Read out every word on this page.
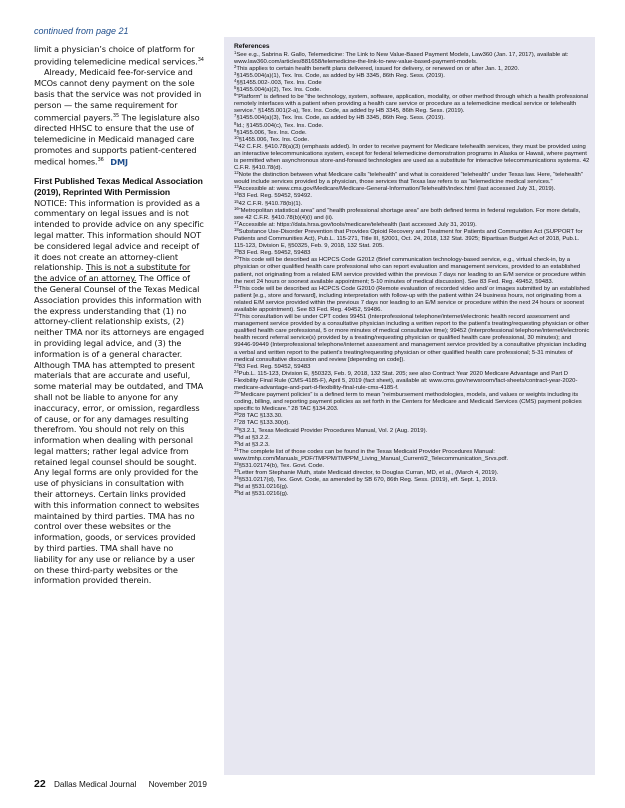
continued from page 21

limit a physician’s choice of platform for providing telemedicine medical services.$^{34}$

Already, Medicaid fee-for-service and MCOs cannot deny payment on the sole basis that the service was not provided in person — the same requirement for commercial payers.$^{35}$ The legislature also directed HHSC to ensure that the use of telemedicine in Medicaid managed care promotes and supports patient-centered medical homes.$^{36}$ DMJ

First Published Texas Medical Association (2019), Reprinted With Permission

NOTICE: This information is provided as a commentary on legal issues and is not intended to provide advice on any specific legal matter. This information should NOT be considered legal advice and receipt of it does not create an attorney-client relationship. This is not a substitute for the advice of an attorney. The Office of the General Counsel of the Texas Medical Association provides this information with the express understanding that (1) no attorney-client relationship exists, (2) neither TMA nor its attorneys are engaged in providing legal advice, and (3) the information is of a general character. Although TMA has attempted to present materials that are accurate and useful, some material may be outdated, and TMA shall not be liable to anyone for any inaccuracy, error, or omission, regardless of cause, or for any damages resulting therefrom. You should not rely on this information when dealing with personal legal matters; rather legal advice from retained legal counsel should be sought. Any legal forms are only provided for the use of physicians in consultation with their attorneys. Certain links provided with this information connect to websites maintained by third parties. TMA has no control over these websites or the information, goods, or services provided by third parties. TMA shall have no liability for any use or reliance by a user on these third-party websites or the information provided therein.

References

$^1$See e.g., Sabrina R. Gallo, Telemedicine: The Link to New Value-Based Payment Models, Law360 (Jan. 17, 2017), available at: www.law360.com/articles/881658/telemedicine-the-link-to-new-value-based-payment-models.

$^2$This applies to certain health benefit plans delivered, issued for delivery, or renewed on or after Jan. 1, 2020.

$^3$§1455.004(a)(1), Tex. Ins. Code, as added by HB 3345, 86th Reg. Sess. (2019).

$^4$§§1455.002-.003, Tex. Ins. Code

$^5$§1455.004(a)(2), Tex. Ins. Code.

$^6$“Platform” is defined to be “the technology, system, software, application, modality, or other method through which a health professional remotely interfaces with a patient when providing a health care service or procedure as a telemedicine medical service or telehealth service.” §1455.001(2-a), Tex. Ins. Code, as added by HB 3345, 86th Reg. Sess. (2019).

$^7$§1455.004(a)(3), Tex. Ins. Code, as added by HB 3345, 86th Reg. Sess. (2019).

$^8$Id.; §1455.004(c), Tex. Ins. Code.

$^9$§1455.006, Tex. Ins. Code.

$^{10}$§1455.006, Tex. Ins. Code.

$^{11}$42 C.F.R. §410.78(a)(3) (emphasis added). In order to receive payment for Medicare telehealth services, they must be provided using an interactive telecommunications system, except for federal telemedicine demonstration programs in Alaska or Hawaii, where payment is permitted when asynchronous store-and-forward technologies are used as a substitute for interactive telecommunications systems. 42 C.F.R. §410.78(d).

$^{12}$Note the distinction between what Medicare calls “telehealth” and what is considered “telehealth” under Texas law. Here, “telehealth” would include services provided by a physician, those services that Texas law refers to as “telemedicine medical services.”

$^{13}$Accessible at: www.cms.gov/Medicare/Medicare-General-Information/Telehealth/index.html (last accessed July 31, 2019).

$^{14}$83 Fed. Reg. 59452, 59492.

$^{15}$42 C.F.R. §410.78(b)(1).

$^{16}$“Metropolitan statistical area” and “health professional shortage area” are both defined terms in federal regulation. For more details, see 42 C.F.R. §410.78(b)(4)(i) and (ii).

$^{17}$Accessible at: https://data.hrsa.gov/tools/medicare/telehealth (last accessed July 31, 2019).

$^{18}$Substance Use-Disorder Prevention that Provides Opioid Recovery and Treatment for Patients and Communities Act (SUPPORT for Patients and Communities Act), Pub.L. 115-271, Title III, §2001, Oct. 24, 2018, 132 Stat. 3925; Bipartisan Budget Act of 2018, Pub.L. 115-123, Division E, §50325, Feb. 9, 2018, 132 Stat. 205.

$^{19}$83 Fed. Reg. 59452, 59483

$^{20}$This code will be described as HCPCS Code G2012 (Brief communication technology-based service, e.g., virtual check-in, by a physician or other qualified health care professional who can report evaluation and management services, provided to an established patient, not originating from a related E/M service provided within the previous 7 days nor leading to an E/M service or procedure within the next 24 hours or soonest available appointment; 5-10 minutes of medical discussion). See 83 Fed. Reg. 49452, 59483.

$^{21}$This code will be described as HCPCS Code G2010 (Remote evaluation of recorded video and/ or images submitted by an established patient [e.g., store and forward], including interpretation with follow-up with the patient within 24 business hours, not originating from a related E/M service provided within the previous 7 days nor leading to an E/M service or procedure within the next 24 hours or soonest available appointment). See 83 Fed. Reg. 49452, 59486.

$^{22}$This consultation will be under CPT codes 99451 (Interprofessional telephone/internet/electronic health record assessment and management service provided by a consultative physician including a written report to the patient’s treating/requesting physician or other qualified health care professional, 5 or more minutes of medical consultative time); 99452 (Interprofessional telephone/internet/electronic health record referral service(s) provided by a treating/requesting physician or qualified health care professional, 30 minutes); and 99446-99449 (Interprofessional telephone/internet assessment and management service provided by a consultative physician including a verbal and written report to the patient’s treating/requesting physician or other qualified health care professional; 5-31 minutes of medical consultative discussion and review [depending on code]).

$^{23}$83 Fed. Reg. 59452, 59483

$^{24}$Pub.L. 115-123, Division E, §50323, Feb. 9, 2018, 132 Stat. 205; see also Contract Year 2020 Medicare Advantage and Part D Flexibility Final Rule (CMS-4185-F), April 5, 2019 (fact sheet), available at: www.cms.gov/newsroom/fact-sheets/contract-year-2020-medicare-advantage-and-part-d-flexibility-final-rule-cms-4185-f.

$^{25}$“Medicare payment policies” is a defined term to mean “reimbursement methodologies, models, and values or weights including its coding, billing, and reporting payment policies as set forth in the Centers for Medicare and Medicaid Services (CMS) payment policies specific to Medicare.” 28 TAC §134.203.

$^{26}$28 TAC §133.30.

$^{27}$28 TAC §133.30(d).

$^{28}$§3.2.1, Texas Medicaid Provider Procedures Manual, Vol. 2 (Aug. 2019).

$^{29}$Id at §3.2.2.

$^{30}$Id at §3.2.3.

$^{31}$The complete list of those codes can be found in the Texas Medicaid Provider Procedures Manual: www.tmhp.com/Manuals_PDF/TMPPM/TMPPM_Living_Manual_Current/2_Telecommunication_Srvs.pdf.

$^{32}$§531.02174(b), Tex. Govt. Code.

$^{33}$Letter from Stephanie Muth, state Medicaid director, to Douglas Curran, MD, et al., (March 4, 2019).

$^{34}$§531.0217(d), Tex. Govt. Code, as amended by SB 670, 86th Reg. Sess. (2019), eff. Sept. 1, 2019.

$^{35}$Id at §531.0216(g).

$^{36}$Id at §531.0216(g).

22 Dallas Medical Journal November 2019
